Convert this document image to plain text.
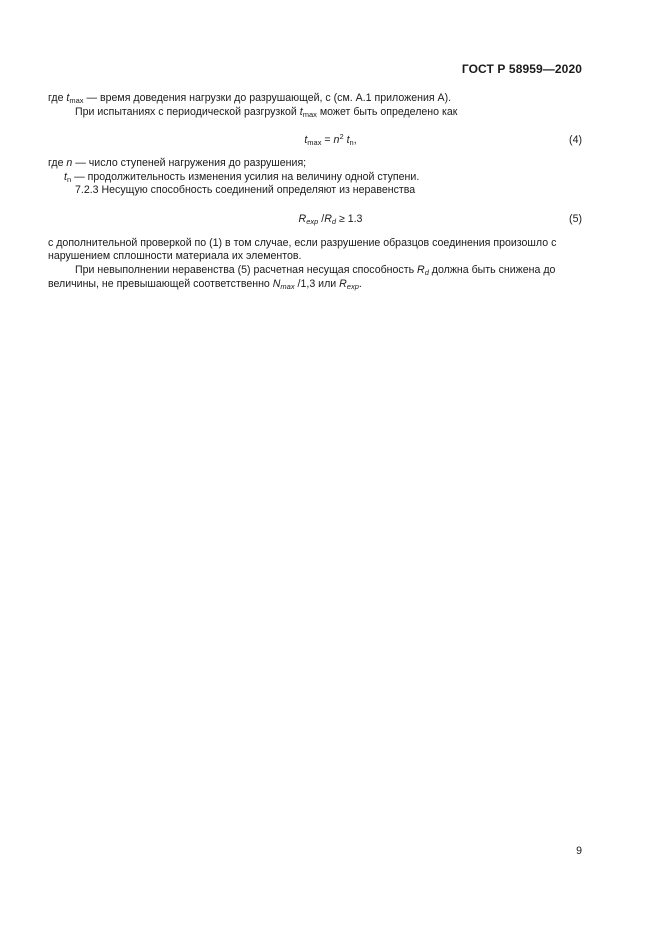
ГОСТ Р 58959—2020
где $t_{max}$ — время доведения нагрузки до разрушающей, с (см. А.1 приложения А).
При испытаниях с периодической разгрузкой $t_{max}$ может быть определено как
$t_{max} = n^2$ $t_n$,	(4)
где n — число ступеней нагружения до разрушения;
$t_n$ — продолжительность изменения усилия на величину одной ступени.
7.2.3 Несущую способность соединений определяют из неравенства
$R_{exp}$ $/R_d \ge 1.3$	(5)
с дополнительной проверкой по (1) в том случае, если разрушение образцов соединения произошло с
нарушением сплошности материала их элементов.
При невыполнении неравенства (5) расчетная несущая способность $R_d$ должна быть снижена до
величины, не превышающей соответственно $N_{max}$ /1,3 или $R_{exp}$.
9
